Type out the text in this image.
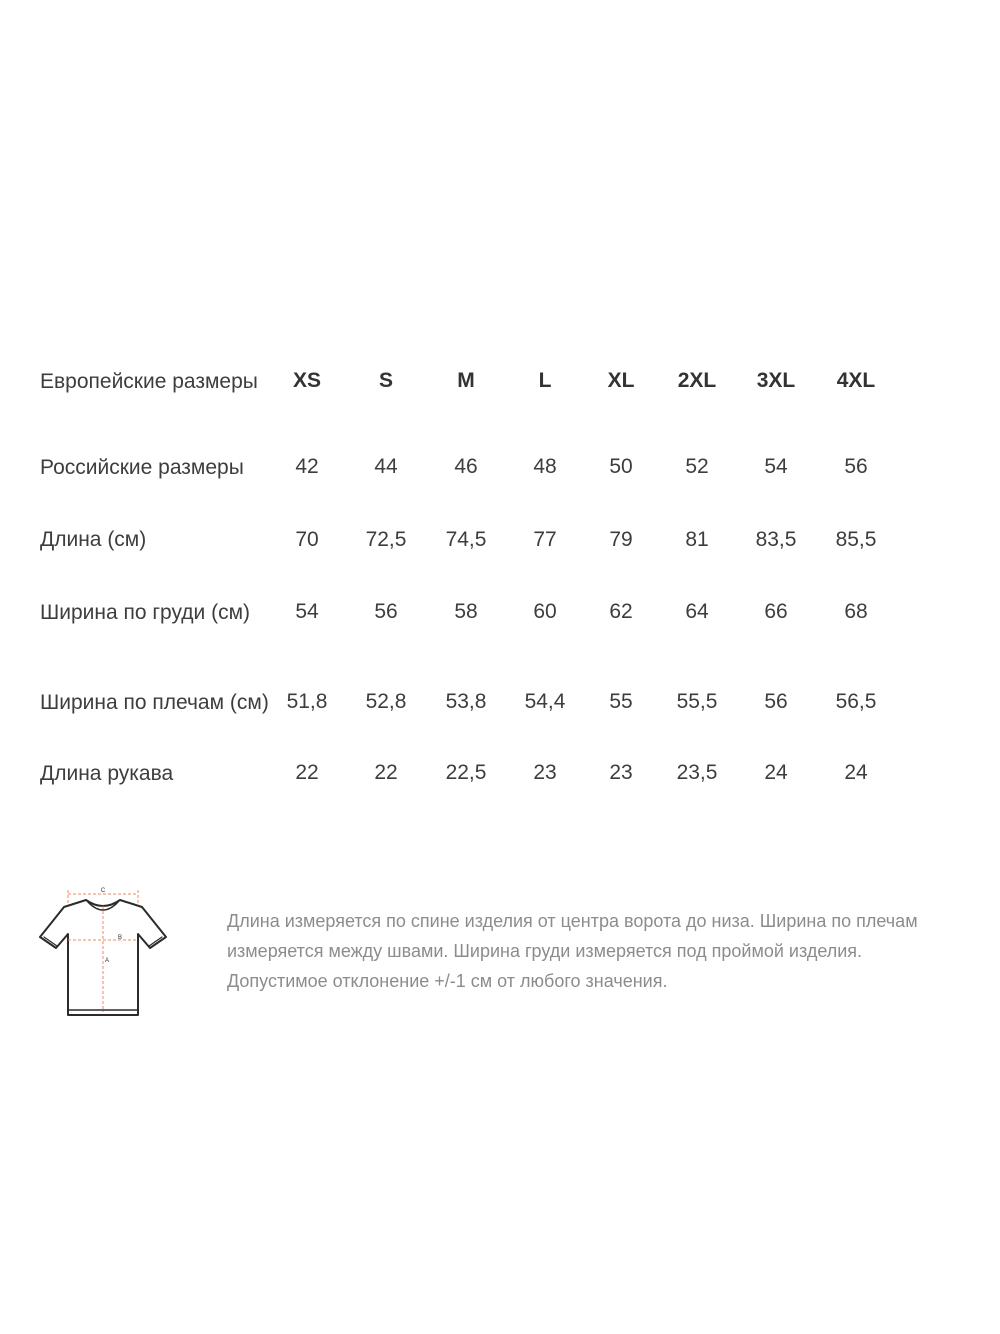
Европейские размеры	XS	S	M	L	XL 2XL 3XL 4XL
Российские размеры	42	44	46	48	50	52	54	56
Длина (см)	70 72,5 74,5 77	79	81 83,5 85,5
Ширина по груди (см)	54	56	58	60	62	64	66	68
Ширина по плечам (см) 51,8 52,8 53,8 54,4 55 55,5 56 56,5
Длина рукава	22	22 22,5 23	23 23,5 24	24
C
B
A
Длина измеряется по спине изделия от центра ворота до низа. Ширина по плечам измеряется между швами. Ширина груди измеряется под проймой изделия. Допустимое отклонение +/-1 см от любого значения.
